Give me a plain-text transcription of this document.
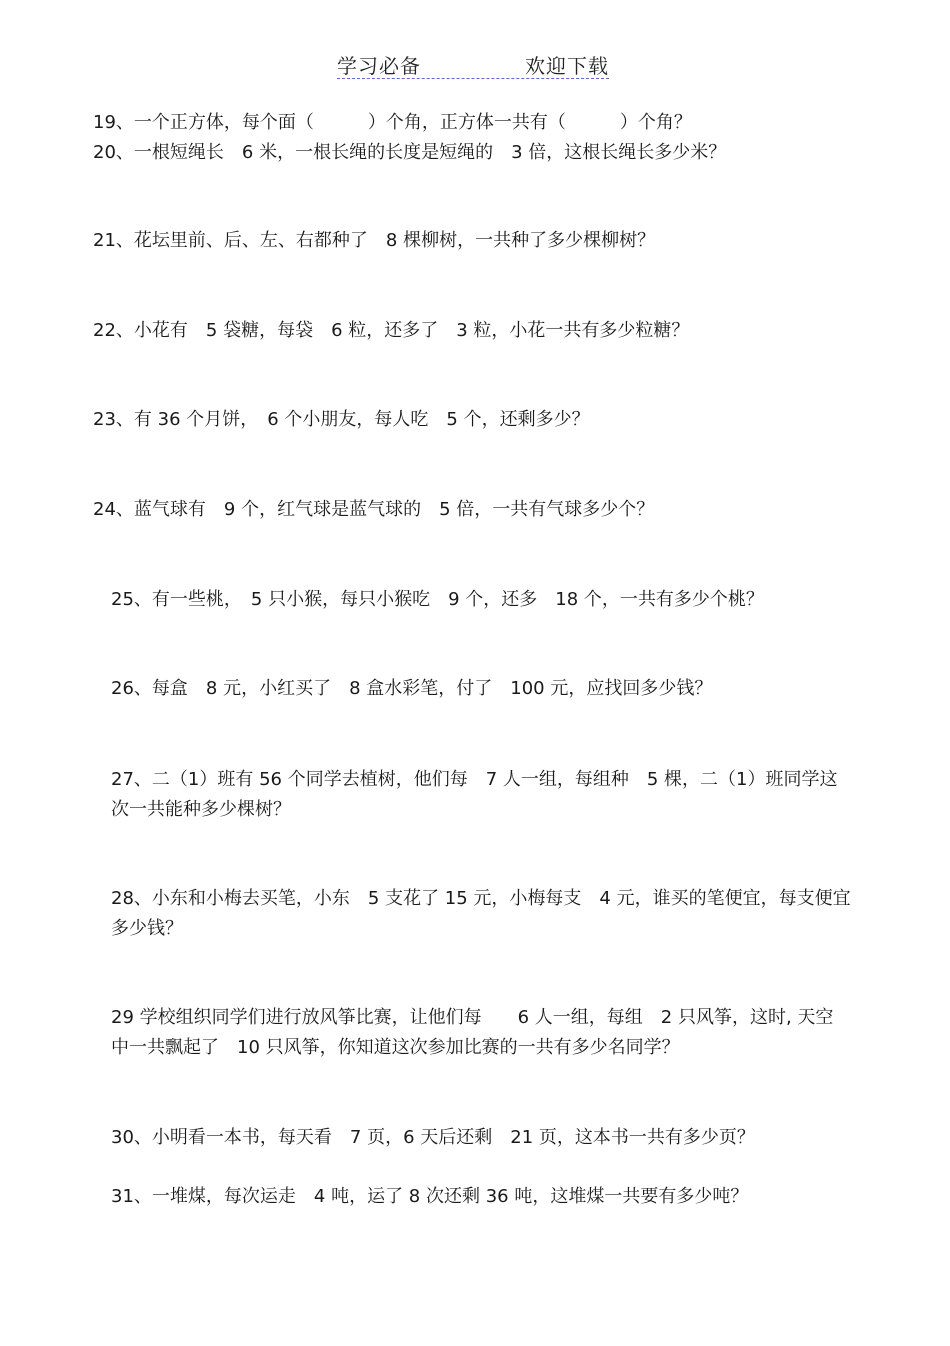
学习必备	欢迎下载
19、一个正方体，每个面（　　　）个角，正方体一共有（　　　）个角？
20、一根短绳长　6 米，一根长绳的长度是短绳的　3 倍，这根长绳长多少米？
21、花坛里前、后、左、右都种了　8 棵柳树，一共种了多少棵柳树？
22、小花有　5 袋糖，每袋　6 粒，还多了　3 粒，小花一共有多少粒糖？
23、有 36 个月饼，　6 个小朋友，每人吃　5 个，还剩多少？
24、蓝气球有　9 个，红气球是蓝气球的　5 倍，一共有气球多少个？
25、有一些桃，　5 只小猴，每只小猴吃　9 个，还多　18 个，一共有多少个桃？
26、每盒　8 元，小红买了　8 盒水彩笔，付了　100 元，应找回多少钱？
27、二（1）班有 56 个同学去植树，他们每　7 人一组，每组种　5 棵，二（1）班同学这次一共能种多少棵树？
28、小东和小梅去买笔，小东　5 支花了 15 元，小梅每支　4 元，谁买的笔便宜，每支便宜多少钱？
29 学校组织同学们进行放风筝比赛，让他们每　　6 人一组，每组　2 只风筝，这时, 天空中一共飘起了　10 只风筝，你知道这次参加比赛的一共有多少名同学？
30、小明看一本书，每天看　7 页，6 天后还剩　21 页，这本书一共有多少页？
31、一堆煤，每次运走　4 吨，运了 8 次还剩 36 吨，这堆煤一共要有多少吨？
